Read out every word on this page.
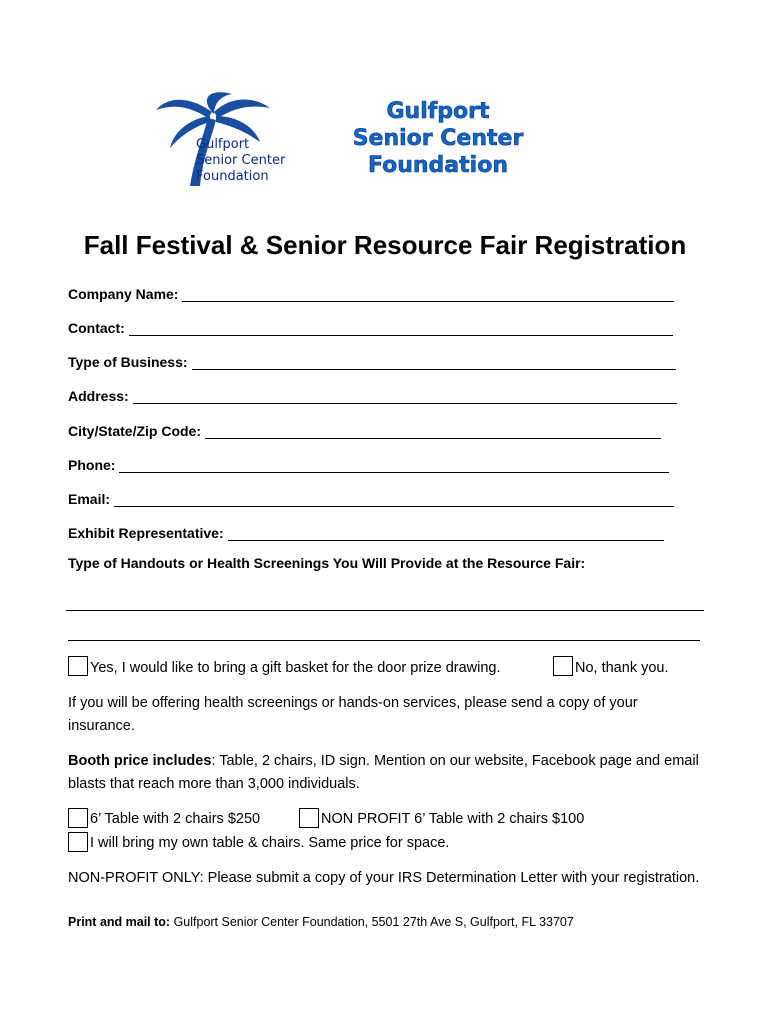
Gulfport
Senior Center
Foundation
Gulfport
Senior Center
Foundation
Fall Festival & Senior Resource Fair Registration
Company Name:
Contact:
Type of Business:
Address:
City/State/Zip Code:
Phone:
Email:
Exhibit Representative:
Type of Handouts or Health Screenings You Will Provide at the Resource Fair:
Yes, I would like to bring a gift basket for the door prize drawing.	No, thank you.
If you will be offering health screenings or hands-on services, please send a copy of your insurance.
Booth price includes: Table, 2 chairs, ID sign. Mention on our website, Facebook page and email blasts that reach more than 3,000 individuals.
6’ Table with 2 chairs $250	NON PROFIT 6’ Table with 2 chairs $100
I will bring my own table & chairs. Same price for space.
NON-PROFIT ONLY: Please submit a copy of your IRS Determination Letter with your registration.
Print and mail to: Gulfport Senior Center Foundation, 5501 27th Ave S, Gulfport, FL 33707
